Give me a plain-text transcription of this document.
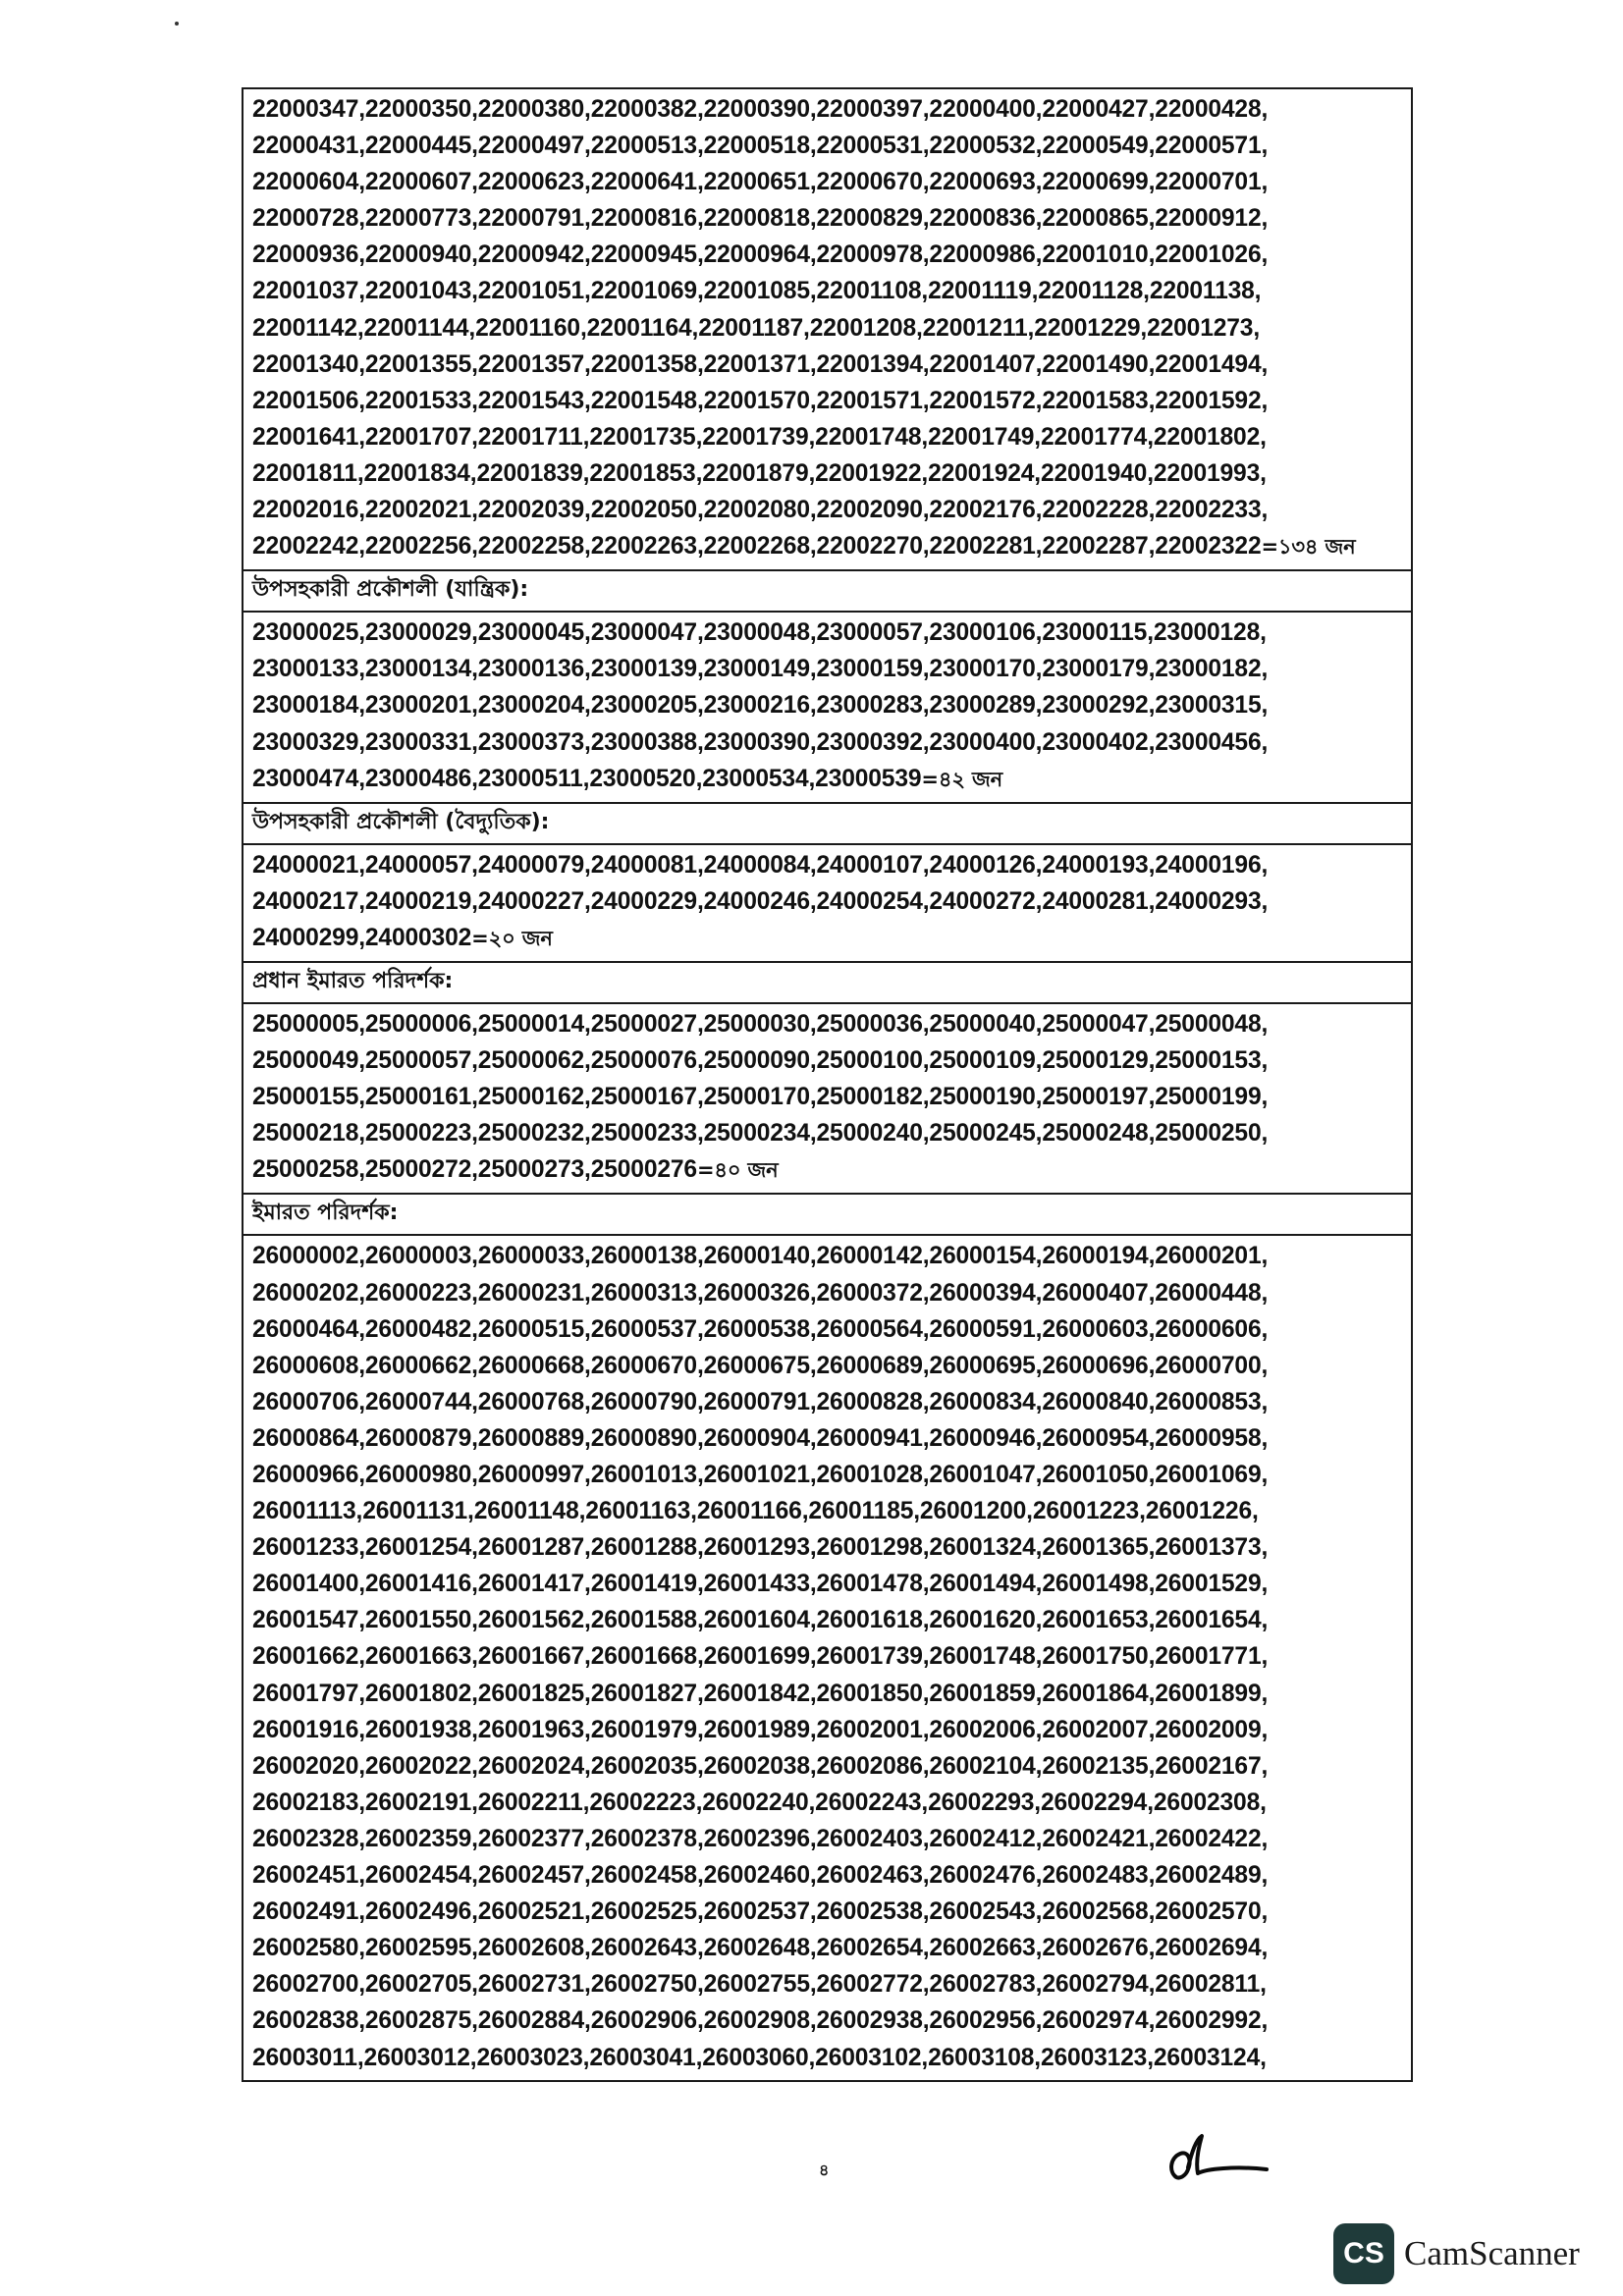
22000347,22000350,22000380,22000382,22000390,22000397,22000400,22000427,22000428,
22000431,22000445,22000497,22000513,22000518,22000531,22000532,22000549,22000571,
22000604,22000607,22000623,22000641,22000651,22000670,22000693,22000699,22000701,
22000728,22000773,22000791,22000816,22000818,22000829,22000836,22000865,22000912,
22000936,22000940,22000942,22000945,22000964,22000978,22000986,22001010,22001026,
22001037,22001043,22001051,22001069,22001085,22001108,22001119,22001128,22001138,
22001142,22001144,22001160,22001164,22001187,22001208,22001211,22001229,22001273,
22001340,22001355,22001357,22001358,22001371,22001394,22001407,22001490,22001494,
22001506,22001533,22001543,22001548,22001570,22001571,22001572,22001583,22001592,
22001641,22001707,22001711,22001735,22001739,22001748,22001749,22001774,22001802,
22001811,22001834,22001839,22001853,22001879,22001922,22001924,22001940,22001993,
22002016,22002021,22002039,22002050,22002080,22002090,22002176,22002228,22002233,
22002242,22002256,22002258,22002263,22002268,22002270,22002281,22002287,22002322=১৩৪ জন

উপসহকারী প্রকৌশলী (যান্ত্রিক):

23000025,23000029,23000045,23000047,23000048,23000057,23000106,23000115,23000128,
23000133,23000134,23000136,23000139,23000149,23000159,23000170,23000179,23000182,
23000184,23000201,23000204,23000205,23000216,23000283,23000289,23000292,23000315,
23000329,23000331,23000373,23000388,23000390,23000392,23000400,23000402,23000456,
23000474,23000486,23000511,23000520,23000534,23000539=৪২ জন

উপসহকারী প্রকৌশলী (বৈদ্যুতিক):

24000021,24000057,24000079,24000081,24000084,24000107,24000126,24000193,24000196,
24000217,24000219,24000227,24000229,24000246,24000254,24000272,24000281,24000293,
24000299,24000302=২০ জন

প্রধান ইমারত পরিদর্শক:

25000005,25000006,25000014,25000027,25000030,25000036,25000040,25000047,25000048,
25000049,25000057,25000062,25000076,25000090,25000100,25000109,25000129,25000153,
25000155,25000161,25000162,25000167,25000170,25000182,25000190,25000197,25000199,
25000218,25000223,25000232,25000233,25000234,25000240,25000245,25000248,25000250,
25000258,25000272,25000273,25000276=৪০ জন

ইমারত পরিদর্শক:

26000002,26000003,26000033,26000138,26000140,26000142,26000154,26000194,26000201,
26000202,26000223,26000231,26000313,26000326,26000372,26000394,26000407,26000448,
26000464,26000482,26000515,26000537,26000538,26000564,26000591,26000603,26000606,
26000608,26000662,26000668,26000670,26000675,26000689,26000695,26000696,26000700,
26000706,26000744,26000768,26000790,26000791,26000828,26000834,26000840,26000853,
26000864,26000879,26000889,26000890,26000904,26000941,26000946,26000954,26000958,
26000966,26000980,26000997,26001013,26001021,26001028,26001047,26001050,26001069,
26001113,26001131,26001148,26001163,26001166,26001185,26001200,26001223,26001226,
26001233,26001254,26001287,26001288,26001293,26001298,26001324,26001365,26001373,
26001400,26001416,26001417,26001419,26001433,26001478,26001494,26001498,26001529,
26001547,26001550,26001562,26001588,26001604,26001618,26001620,26001653,26001654,
26001662,26001663,26001667,26001668,26001699,26001739,26001748,26001750,26001771,
26001797,26001802,26001825,26001827,26001842,26001850,26001859,26001864,26001899,
26001916,26001938,26001963,26001979,26001989,26002001,26002006,26002007,26002009,
26002020,26002022,26002024,26002035,26002038,26002086,26002104,26002135,26002167,
26002183,26002191,26002211,26002223,26002240,26002243,26002293,26002294,26002308,
26002328,26002359,26002377,26002378,26002396,26002403,26002412,26002421,26002422,
26002451,26002454,26002457,26002458,26002460,26002463,26002476,26002483,26002489,
26002491,26002496,26002521,26002525,26002537,26002538,26002543,26002568,26002570,
26002580,26002595,26002608,26002643,26002648,26002654,26002663,26002676,26002694,
26002700,26002705,26002731,26002750,26002755,26002772,26002783,26002794,26002811,
26002838,26002875,26002884,26002906,26002908,26002938,26002956,26002974,26002992,
26003011,26003012,26003023,26003041,26003060,26003102,26003108,26003123,26003124,
৪
CS CamScanner
